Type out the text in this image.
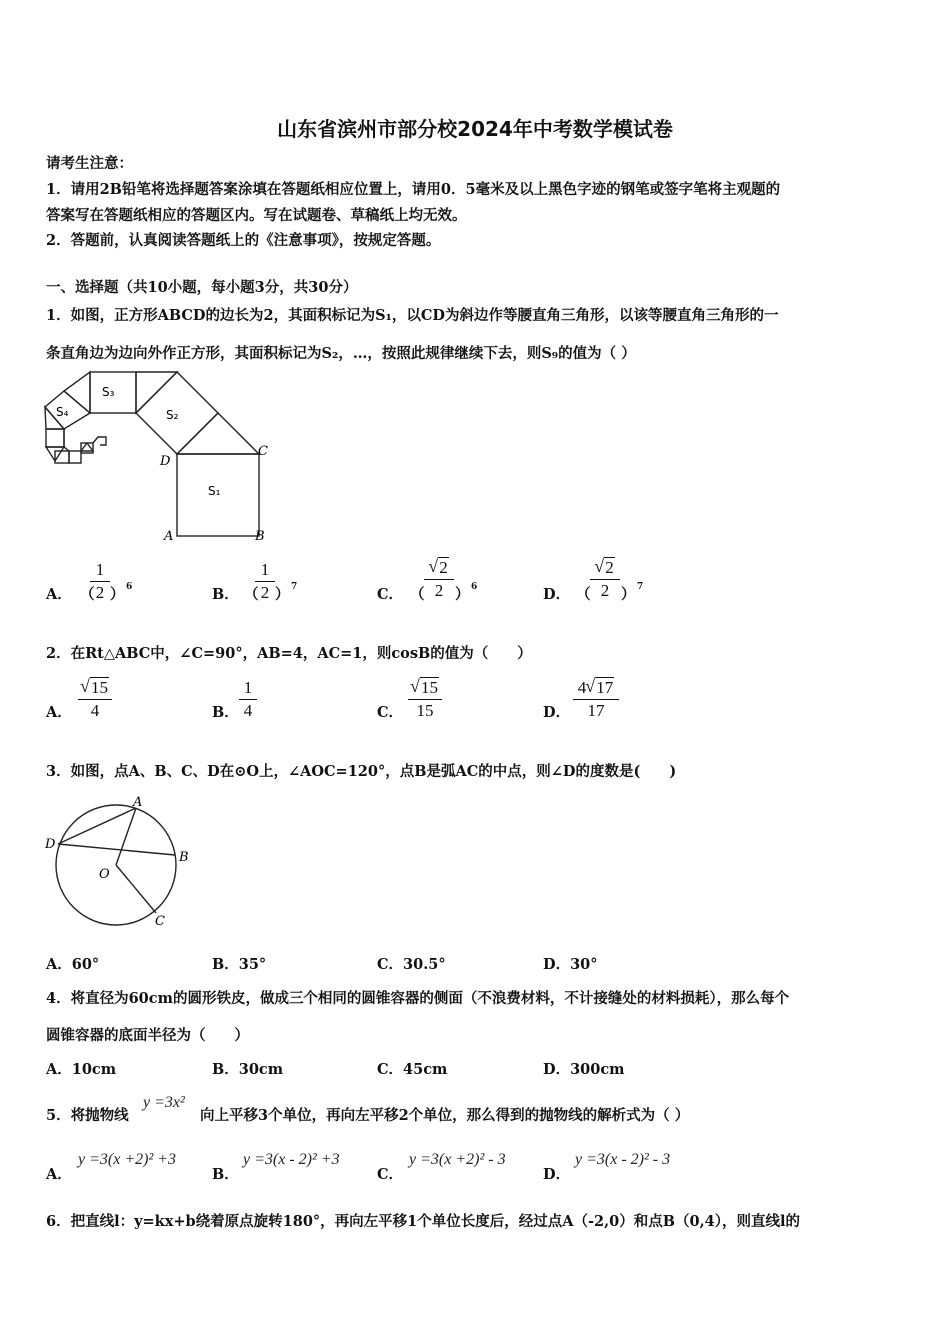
山东省滨州市部分校2024年中考数学模试卷
请考生注意：
1．请用2B铅笔将选择题答案涂填在答题纸相应位置上，请用0．5毫米及以上黑色字迹的钢笔或签字笔将主观题的
答案写在答题纸相应的答题区内。写在试题卷、草稿纸上均无效。
2．答题前，认真阅读答题纸上的《注意事项》，按规定答题。
一、选择题（共10小题，每小题3分，共30分）
1．如图，正方形ABCD的边长为2，其面积标记为S₁，以CD为斜边作等腰直角三角形，以该等腰直角三角形的一
条直角边为边向外作正方形，其面积标记为S₂，…，按照此规律继续下去，则S₉的值为（ ）
S₃
S₄	S₂
S₁
C
D
A	B
A． （
1
2 ） 6	B． （
1
2 ） 7	C． （
√ 2
2 ） 6	D． （
√ 2
2 ） 7
2．在Rt△ABC中，∠C=90°，AB=4，AC=1，则cosB的值为（　　）
A．
√ 15
4	B．
1
4	C．
√ 15
15	D．
4√ 17
17
3．如图，点A、B、C、D在⊙O上，∠AOC=120°，点B是弧AC的中点，则∠D的度数是(　　)
A
D
B
O
C
A．60°	B．35°	C．30.5°	D．30°
4．将直径为60cm的圆形铁皮，做成三个相同的圆锥容器的侧面（不浪费材料，不计接缝处的材料损耗），那么每个
圆锥容器的底面半径为（　　）
A．10cm	B．30cm	C．45cm	D．300cm
5．将抛物线
y =3x²
向上平移3个单位，再向左平移2个单位，那么得到的抛物线的解析式为（ ）
A．
y =3(x +2)² +3
B．
y =3(x - 2)² +3
C．
y =3(x +2)² - 3
D．
y =3(x - 2)² - 3
6．把直线l：y=kx+b绕着原点旋转180°，再向左平移1个单位长度后，经过点A（-2,0）和点B（0,4），则直线l的
